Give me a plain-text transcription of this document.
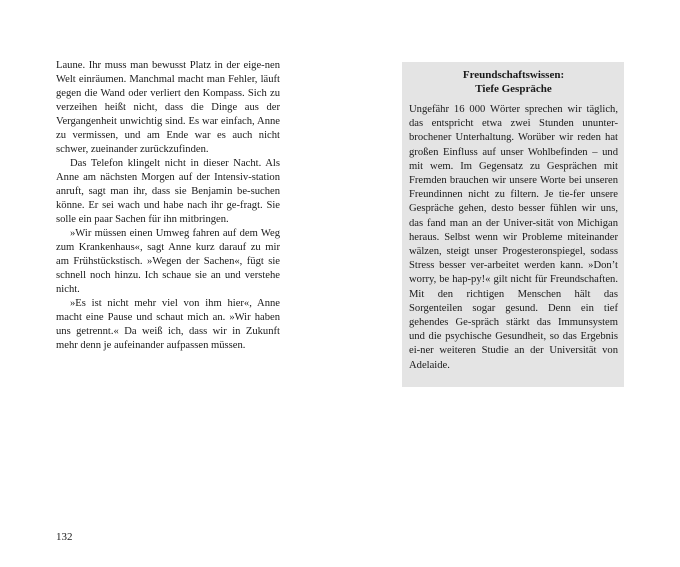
Laune. Ihr muss man bewusst Platz in der eige-nen Welt einräumen. Manchmal macht man Fehler, läuft gegen die Wand oder verliert den Kompass. Sich zu verzeihen heißt nicht, dass die Dinge aus der Vergangenheit unwichtig sind. Es war einfach, Anne zu vermissen, und am Ende war es auch nicht schwer, zueinander zurückzufinden.

Das Telefon klingelt nicht in dieser Nacht. Als Anne am nächsten Morgen auf der Intensiv-station anruft, sagt man ihr, dass sie Benjamin be-suchen könne. Er sei wach und habe nach ihr ge-fragt. Sie solle ein paar Sachen für ihn mitbringen.

»Wir müssen einen Umweg fahren auf dem Weg zum Krankenhaus«, sagt Anne kurz darauf zu mir am Frühstückstisch. »Wegen der Sachen«, fügt sie schnell noch hinzu. Ich schaue sie an und verstehe nicht.

»Es ist nicht mehr viel von ihm hier«, Anne macht eine Pause und schaut mich an. »Wir haben uns getrennt.« Da weiß ich, dass wir in Zukunft mehr denn je aufeinander aufpassen müssen.

Freundschaftswissen:
Tiefe Gespräche

Ungefähr 16 000 Wörter sprechen wir täglich, das entspricht etwa zwei Stunden ununter-brochener Unterhaltung. Worüber wir reden hat großen Einfluss auf unser Wohlbefinden – und mit wem. Im Gegensatz zu Gesprächen mit Fremden brauchen wir unsere Worte bei unseren Freundinnen nicht zu filtern. Je tie-fer unsere Gespräche gehen, desto besser fühlen wir uns, das fand man an der Univer-sität von Michigan heraus. Selbst wenn wir Probleme miteinander wälzen, steigt unser Progesteronspiegel, sodass Stress besser ver-arbeitet werden kann. »Don’t worry, be hap-py!« gilt nicht für Freundschaften. Mit den richtigen Menschen hält das Sorgenteilen sogar gesund. Denn ein tief gehendes Ge-spräch stärkt das Immunsystem und die psychische Gesundheit, so das Ergebnis ei-ner weiteren Studie an der Universität von Adelaide.

132
